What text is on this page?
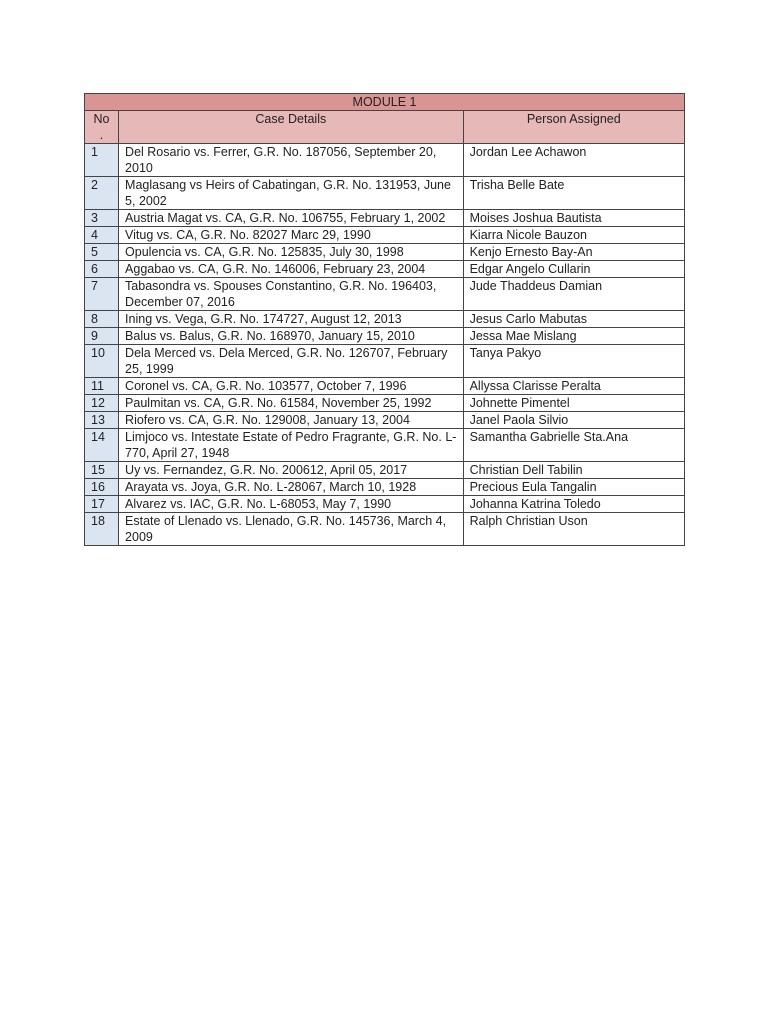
MODULE 1		
No
.	Case Details	Person Assigned
1	Del Rosario vs. Ferrer, G.R. No. 187056, September 20, 2010	Jordan Lee Achawon
2	Maglasang vs Heirs of Cabatingan, G.R. No. 131953, June 5, 2002	Trisha Belle Bate
3	Austria Magat vs. CA, G.R. No. 106755, February 1, 2002	Moises Joshua Bautista
4	Vitug vs. CA, G.R. No. 82027 Marc 29, 1990	Kiarra Nicole Bauzon
5	Opulencia vs. CA, G.R. No. 125835, July 30, 1998	Kenjo Ernesto Bay-An
6	Aggabao vs. CA, G.R. No. 146006, February 23, 2004	Edgar Angelo Cullarin
7	Tabasondra vs. Spouses Constantino, G.R. No. 196403, December 07, 2016	Jude Thaddeus Damian
8	Ining vs. Vega, G.R. No. 174727, August 12, 2013	Jesus Carlo Mabutas
9	Balus vs. Balus, G.R. No. 168970, January 15, 2010	Jessa Mae Mislang
10	Dela Merced vs. Dela Merced, G.R. No. 126707, February 25, 1999	Tanya Pakyo
11	Coronel vs. CA, G.R. No. 103577, October 7, 1996	Allyssa Clarisse Peralta
12	Paulmitan vs. CA, G.R. No. 61584, November 25, 1992	Johnette Pimentel
13	Riofero vs. CA, G.R. No. 129008, January 13, 2004	Janel Paola Silvio
14	Limjoco vs. Intestate Estate of Pedro Fragrante, G.R. No. L-770, April 27, 1948	Samantha Gabrielle Sta.Ana
15	Uy vs. Fernandez, G.R. No. 200612, April 05, 2017	Christian Dell Tabilin
16	Arayata vs. Joya, G.R. No. L-28067, March 10, 1928	Precious Eula Tangalin
17	Alvarez vs. IAC, G.R. No. L-68053, May 7, 1990	Johanna Katrina Toledo
18	Estate of Llenado vs. Llenado, G.R. No. 145736, March 4, 2009	Ralph Christian Uson
